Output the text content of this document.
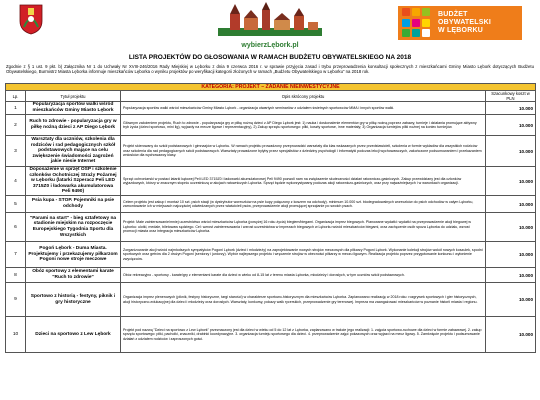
wybierzLębork.pl
BUDŻET
OBYWATELSKI
W LĘBORKU
LISTA PROJEKTÓW DO GŁOSOWANIA W RAMACH BUDŻETU OBYWATELSKIEGO NA 2018
Zgodnie z § 1 ust. 9 pkt. b) Załącznika Nr 1 do Uchwały Nr XVIII-246/2016 Rady Miejskiej w Lęborku z dnia 9 czerwca 2016 r. w sprawie przyjęcia zasad i trybu przeprowadzenia konsultacji społecznych z mieszkańcami Gminy Miasto Lębork dotyczących Budżetu Obywatelskiego, Burmistrz Miasta Lęborka informuje mieszkańców Lęborka o wyniku projektów po weryfikacji kategorii złożonych w ramach „Budżetu Obywatelskiego w Lęborku” na 2018 rok.
KATEGORIA: PROJEKT – ZADANIE NIEINWESTYCYJNE			
Lp.	Tytuł projektu	Opis skrócony projektu	Szacunkowy koszt w PLN
1	Popularyzacja sportów walki wśród mieszkańców Gminy Miasto Lębork	Popularyzacja sportów walki wśród mieszkańców Gminy Miasto Lębork - organizacja otwartych seminariów z udziałem świetnych sportowców MMA i innych sportów walki.	10.000
2	Ruch to zdrowie - popularyzacja gry w piłkę nożną dzieci z AP Diego Lębork	Głównym założeniem projektu, Ruch to zdrowie - popularyzacja gry w piłkę nożną dzieci z AP Diego Lębork jest: 1) nauka i doskonalenie elementów gry w piłkę nożną poprzez zabawy, turnieje i działania promujące aktywny tryb życia (dzieci sportowo, mini lig), wyjazdy na mecze ligowe i reprezentacyjny), 2) Zakup sprzętu sportowego: piłki, koszty sportowe, inne materiały; 3) Organizacja turniejów piłki nożnej na koniec turniejów.	10.000
3	Warsztaty dla uczniów, szkolenia dla rodziców i rad pedagogicznych szkół podstawowych mające na celu zwiększenie świadomości zagrożeń jakie niesie Internet	Projekt skierowany do szkół podstawowych i gimnazjów w Lęborku. W ramach projektu prowadzony przeprowadzić warsztaty dla klas wskazanych przez przedstawicieli, szkolenia w formie wykładów dla wszystkich rodziców oraz szkolenia dla rad pedagogicznych szkół podstawowych. Warsztaty prowadzone byłyby przez specjalistów z dziedziny psychologii i informatyki podczas lekcji wychowawczych, zakończone podsumowaniem i przekazaniem wniosków dla wychowawcy klasy.	10.000
4	Doposażenie w sprzęt OSP i szkolenie członków Ochotniczej Straży Pożarnej w Lęborku (latarki Szperacz Peli LED 3715Z0 i ładowarka akumulatorowa Peli 9490)	Sprzęt ochroniarski w postaci latarki kątowej Peli LED 3715Z0 i ładowarki akumulatorowej Peli 9490 pozwoli nam na zwiększenie skuteczności działań ratowniczo-gaśniczych. Zakup przewidziany jest dla członków wyjazdowych, którzy w znacznym stopniu uczestniczą w akcjach ratowniczych Lęborka. Sprzęt będzie wykorzystywany podczas akcji ratowniczo-gaśniczych, oraz przy najważniejszych i w warunkach organizacji.	10.000
5	Psia kupa - STOP. Pojemniki na psie odchody	Celem projektu jest zakup i montaż 10 szt. psich stacji (w dystrybutor woreczków na psie kupy połączony z koszem na odchody). minimum 10.000 szt. biodegradowalnych woreczków do psich odchodów w całym Lęborku, zamontowanie ich w miejscach najczęściej odwiedzanych przez właścicieli psów, przeprowadzenie akcji promującej sprzątanie po swoich psach.	10.000
6	"Parami na start" - bieg sztafetowy na stadionie miejskim na rozpoczęcie Europejskiego Tygodnia Sportu dla Wszystkich	Projekt: Małe zaintersowanie/mniej uczestnictwo wśród mieszkańców Lęborka (powyżej 16 roku życia) biegiem/biegami. Organizacja imprez biegowych. Planowane wydatki: wydatki na przeprowadzenie akcji biegowej w Lęborku: ulotki, medale, biletowaw sędziego. Cel: wzrost zainteresowania i wzrost uczestnictwa w imprezach biegowych w Lęborku wśród mieszkańców biegami, oraz zachęcenie osób spoza Lęborka do udziału, wzrost promocji miasta oraz integracja mieszkańców Lęborka.	10.000
7	Pogoń Lębork - Duma Miasta. Projektujemy i przekazujemy piłkarzom Pogoni nowe stroje meczowe	Zorganizowanie akcji wśród najmłodszych sympatyków Pogoni Lębork (dzieci i młodzieży) na zaprojektowanie nowych strojów meczowych dla piłkarzy Pogoni Lębork. Wykonanie kolekcji strojów wokół nowych koszulek, spodni sportowych oraz getrów dla 2 drużyn Pogoni (seniorzy i juniorzy). Wybór najlepszego projektu i wręczenie strojów w obecności piłkarzy w meczu ligowym. Realizacja projektu poprzez przygotowanie konkursu i wyłonienie zwycięzców.	10.000
8	Obóz sportowy z elementami karate "Ruch to zdrowie"	Obóz rekreacyjno - sportowy - karate/gry z elementami karate dla dzieci w wieku od 8-15 lat z terenu miasta Lęborka, młodzieży i dorosłych, w tym uczniów szkół podstawowych.	10.000
9	Sportowo z historią - festyny, piknik i gry historyczne	Organizacja imprez plenerowych (piknik, festyny historyczne, targi starości) w charakterze sportowo-historycznym dla mieszkańców Lęborka. Zaplanowano realizację w 2018 roku: rozgrywek sportowych i gier historycznych, akcji historyczno-edukacyjnej dla dzieci i młodzieży oraz dorosłych. Warsztaty, konkursy, pokazy walk rycerskich, przeprowadzenie gry terenowej. Impreza ma zaangażować mieszkańców w poznanie historii miasta i regionu.	10.000
10	Dzieci na sportowo z Lew Lębork	Projekt pod nazwą "Dzieci na sportowo z Lew Lębork" przeznaczony jest dla dzieci w wieku od 5 do 12 lat z Lęborka, zaplanowano w trakcie jego realizacji: 1. zajęcia sportowo-ruchowe dla dzieci w formie zabawowej. 2. zakup sprzętu sportowego: piłki, pachołki, znaczniki, drabinki koordynacyjne. 3. organizacja turnieju sportowego dla dzieci. 4. przeprowadzenie zajęć pokazowych oraz wyjazd na mecz ligowy. 5. Zamknięcie projektu i podsumowanie działań z udziałem rodziców i zaproszonych gości.	10.000
